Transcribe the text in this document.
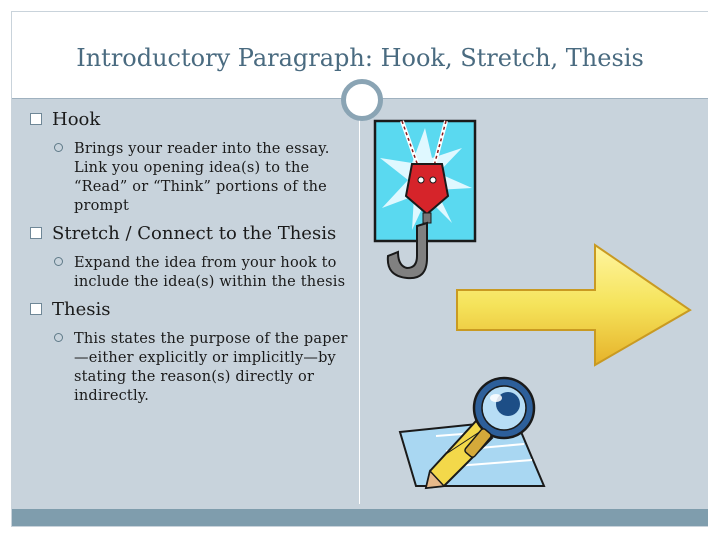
Introductory Paragraph: Hook, Stretch, Thesis
Hook
Brings your reader into the essay. Link you opening idea(s) to the “Read” or “Think” portions of the prompt
Stretch / Connect to the Thesis
Expand the idea from your hook to include the idea(s) within the thesis
Thesis
This states the purpose of the paper—either explicitly or implicitly—by stating the reason(s) directly or indirectly.
